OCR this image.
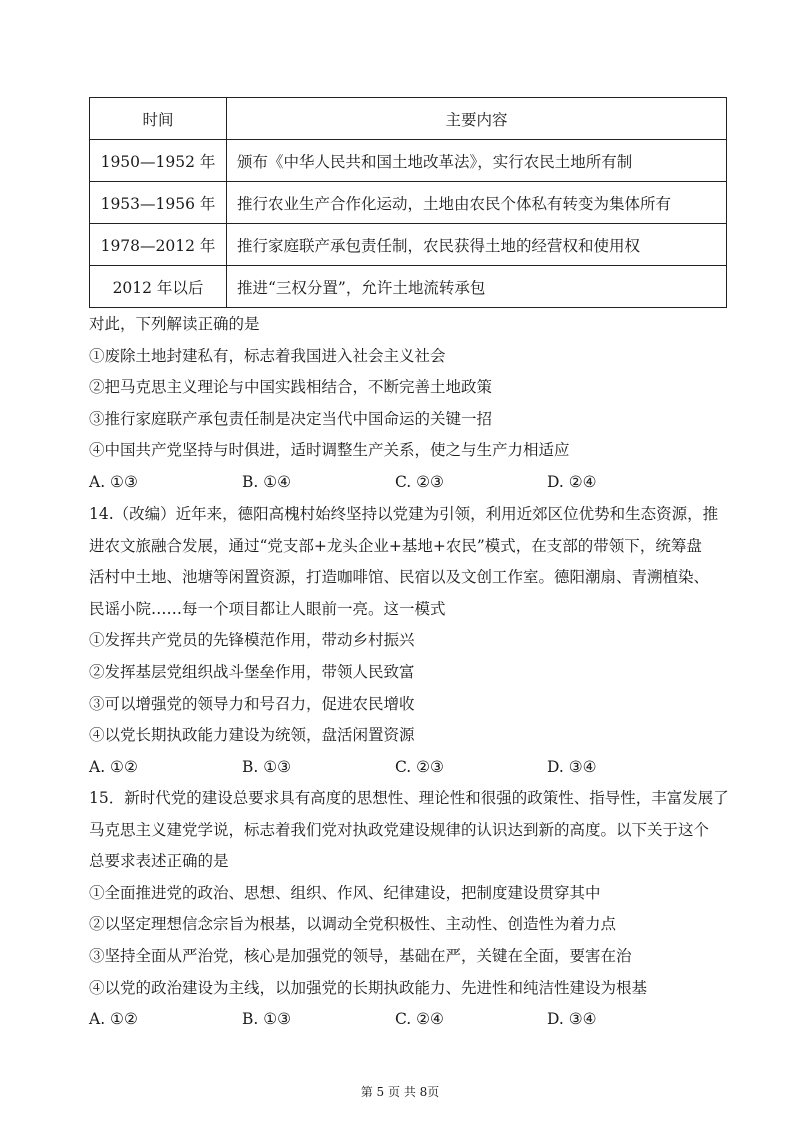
时间	主要内容
1950—1952 年	颁布《中华人民共和国土地改革法》，实行农民土地所有制
1953—1956 年	推行农业生产合作化运动，土地由农民个体私有转变为集体所有
1978—2012 年	推行家庭联产承包责任制，农民获得土地的经营权和使用权
2012 年以后	推进“三权分置”，允许土地流转承包
对此，下列解读正确的是
①废除土地封建私有，标志着我国进入社会主义社会
②把马克思主义理论与中国实践相结合，不断完善土地政策
③推行家庭联产承包责任制是决定当代中国命运的关键一招
④中国共产党坚持与时俱进，适时调整生产关系，使之与生产力相适应
A. ①③	B. ①④	C. ②③	D. ②④
14.（改编）近年来，德阳高槐村始终坚持以党建为引领，利用近郊区位优势和生态资源，推
进农文旅融合发展，通过“党支部+龙头企业+基地+农民”模式，在支部的带领下，统筹盘
活村中土地、池塘等闲置资源，打造咖啡馆、民宿以及文创工作室。德阳潮扇、青溯植染、
民谣小院……每一个项目都让人眼前一亮。这一模式
①发挥共产党员的先锋模范作用，带动乡村振兴
②发挥基层党组织战斗堡垒作用，带领人民致富
③可以增强党的领导力和号召力，促进农民增收
④以党长期执政能力建设为统领，盘活闲置资源
A. ①②	B. ①③	C. ②③	D. ③④
15．新时代党的建设总要求具有高度的思想性、理论性和很强的政策性、指导性，丰富发展了
马克思主义建党学说，标志着我们党对执政党建设规律的认识达到新的高度。以下关于这个
总要求表述正确的是
①全面推进党的政治、思想、组织、作风、纪律建设，把制度建设贯穿其中
②以坚定理想信念宗旨为根基，以调动全党积极性、主动性、创造性为着力点
③坚持全面从严治党，核心是加强党的领导，基础在严，关键在全面，要害在治
④以党的政治建设为主线，以加强党的长期执政能力、先进性和纯洁性建设为根基
A. ①②	B. ①③	C. ②④	D. ③④
第 5 页 共 8页
